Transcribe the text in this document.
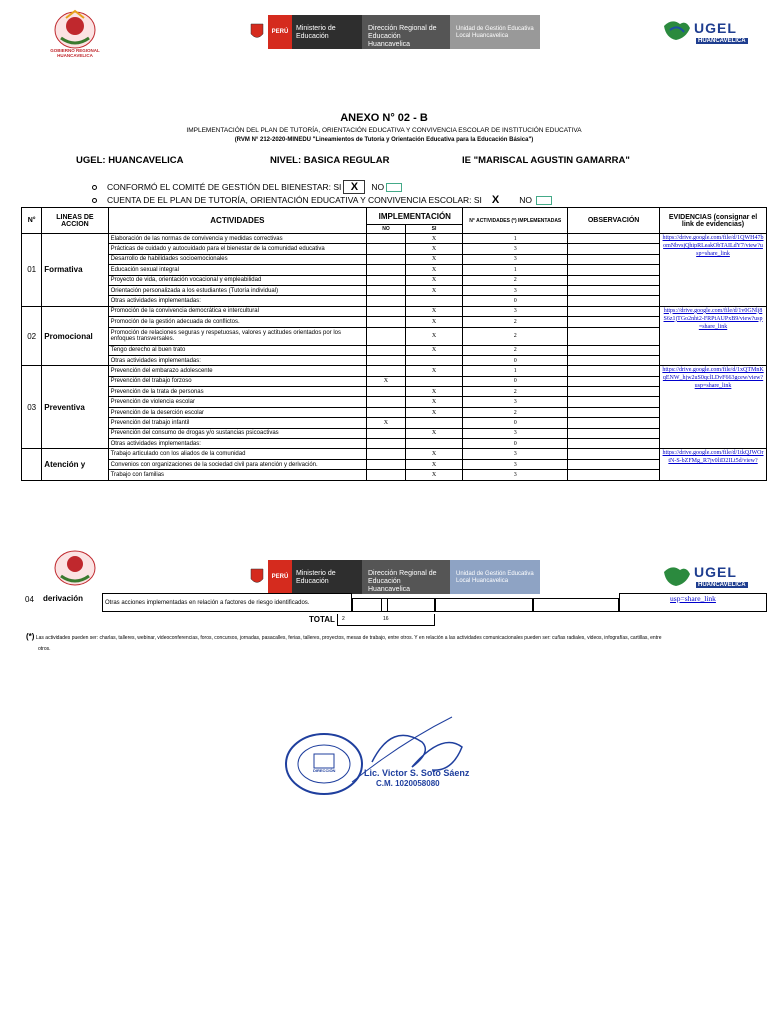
GOBIERNO REGIONAL HUANCAVELICA
PERÚ	Ministerio de Educación
Dirección Regional de Educación Huancavelica
Unidad de Gestión Educativa Local Huancavelica	UGEL
HUANCAVELICA
ANEXO N° 02 - B
IMPLEMENTACIÓN DEL PLAN DE TUTORÍA, ORIENTACIÓN EDUCATIVA Y CONVIVENCIA ESCOLAR DE INSTITUCIÓN EDUCATIVA
(RVM N° 212-2020-MINEDU "Lineamientos de Tutoría y Orientación Educativa para la Educación Básica")
UGEL: HUANCAVELICA	NIVEL: BASICA REGULAR	IE "MARISCAL AGUSTIN GAMARRA"
CONFORMÓ EL COMITÉ DE GESTIÓN DEL BIENESTAR: SI X	NO
CUENTA DE EL PLAN DE TUTORÍA, ORIENTACIÓN EDUCATIVA Y CONVIVENCIA ESCOLAR: SI X NO
N°	LINEAS DE ACCION	ACTIVIDADES	IMPLEMENTACIÓN		N° ACTIVIDADES (*) IMPLEMENTADAS	OBSERVACIÓN	EVIDENCIAS (consignar el link de evidencias)
			NO	SI			
01	Formativa	Elaboración de las normas de convivencia y medidas correctivas		X	1		https://drive.google.com/file/d/1QWH47bomNbvsjQhipRLeakObTAILdY7/view?usp=share_link
		Prácticas de cuidado y autocuidado para el bienestar de la comunidad educativa		X	3		
		Desarrollo de habilidades socioemocionales		X	3		
		Educación sexual integral		X	1		
		Proyecto de vida, orientación vocacional y empleabilidad		X	2		
		Orientación personalizada a los estudiantes (Tutoría individual)		X	3		
		Otras actividades implementadas:			0		
02	Promocional	Promoción de la convivencia democrática e intercultural		X	3		https://drive.google.com/file/d/1v0GNlj8S6z1jTGo2nht2-FRPtAUPxB9/view?usp=share_link
		Promoción de la gestión adecuada de conflictos.		X	2		
		Promoción de relaciones seguras y respetuosas, valores y actitudes orientados por los enfoques transversales.		X	2		
		Tengo derecho al buen trato		X	2		
		Otras actividades implementadas:			0		
03	Preventiva	Prevención del embarazo adolescente		X	1		https://drive.google.com/file/d/1xQTMnKqENW_hjw2uS0qclLDvF663gcew/view?usp=share_link
		Prevención del trabajo forzoso	X		0		
		Prevención de la trata de personas		X	2		
		Prevención de violencia escolar		X	3		
		Prevención de la deserción escolar		X	2		
		Prevención del trabajo infantil	X		0		
		Prevención del consumo de drogas y/o sustancias psicoactivas		X	3		
		Otras actividades implementadas:			0		
	Atención y	Trabajo articulado con los aliados de la comunidad		X	3		https://drive.google.com/file/d/1tkQJWOrtN-S-bZFMg_R7jv0liD2ILt5d/view?
		Convenios con organizaciones de la sociedad civil para atención y derivación.		X	3		
		Trabajo con familias		X	3		
PERÚ	Ministerio de Educación
Dirección Regional de Educación Huancavelica
Unidad de Gestión Educativa Local Huancavelica
UGEL
HUANCAVELICA
04 derivación	Otras acciones implementadas en relación a factores de riesgo identificados.	usp=share_link
TOTAL 2	16
(*) Las actividades pueden ser: charlas, talleres, webinar, videoconferencias, foros, concursos, jornadas, pasacalles, ferias, talleres, proyectos, mesas de trabajo, entre otros. Y en relación a las actividades comunicacionales pueden ser: cuñas radiales, videos, infografías, cartillas, entre
otros.
DIRECCIÓN	Lic. Victor S. Soto Sáenz
C.M. 1020058080
